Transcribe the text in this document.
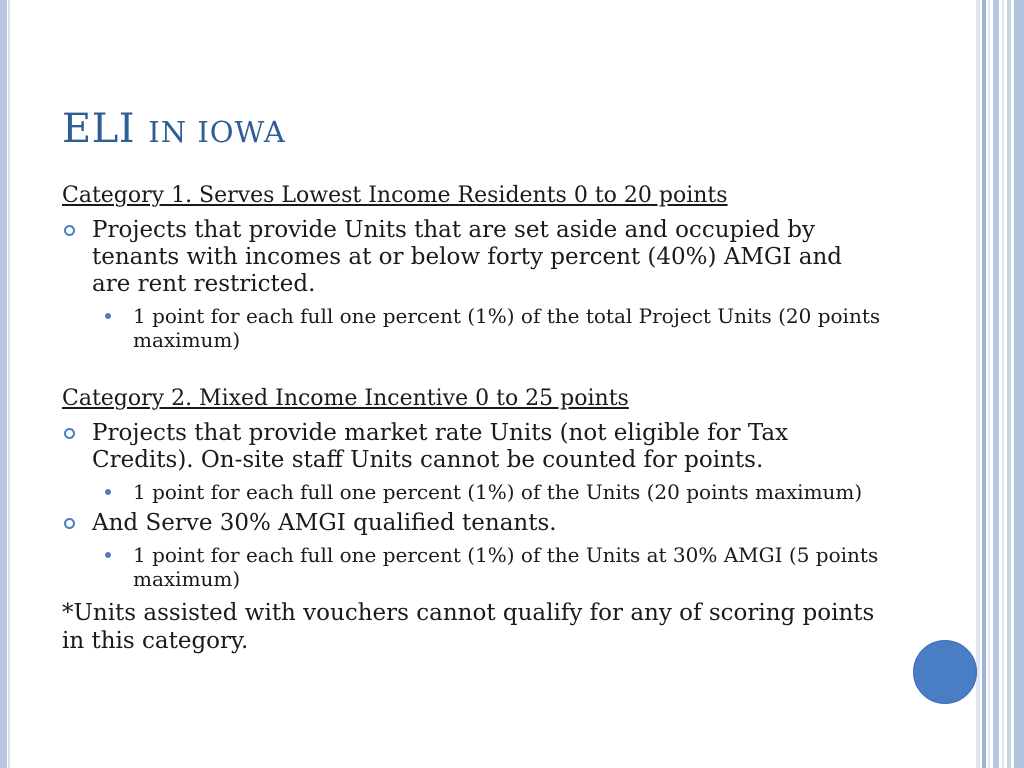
ELI IN IOWA

Category 1. Serves Lowest Income Residents 0 to 20 points

Projects that provide Units that are set aside and occupied by tenants with incomes at or below forty percent (40%) AMGI and are rent restricted.
1 point for each full one percent (1%) of the total Project Units (20 points maximum)

Category 2. Mixed Income Incentive 0 to 25 points

Projects that provide market rate Units (not eligible for Tax Credits). On-site staff Units cannot be counted for points.
1 point for each full one percent (1%) of the Units (20 points maximum)
And Serve 30% AMGI qualified tenants.
1 point for each full one percent (1%) of the Units at 30% AMGI (5 points maximum)
*Units assisted with vouchers cannot qualify for any of scoring points in this category.
